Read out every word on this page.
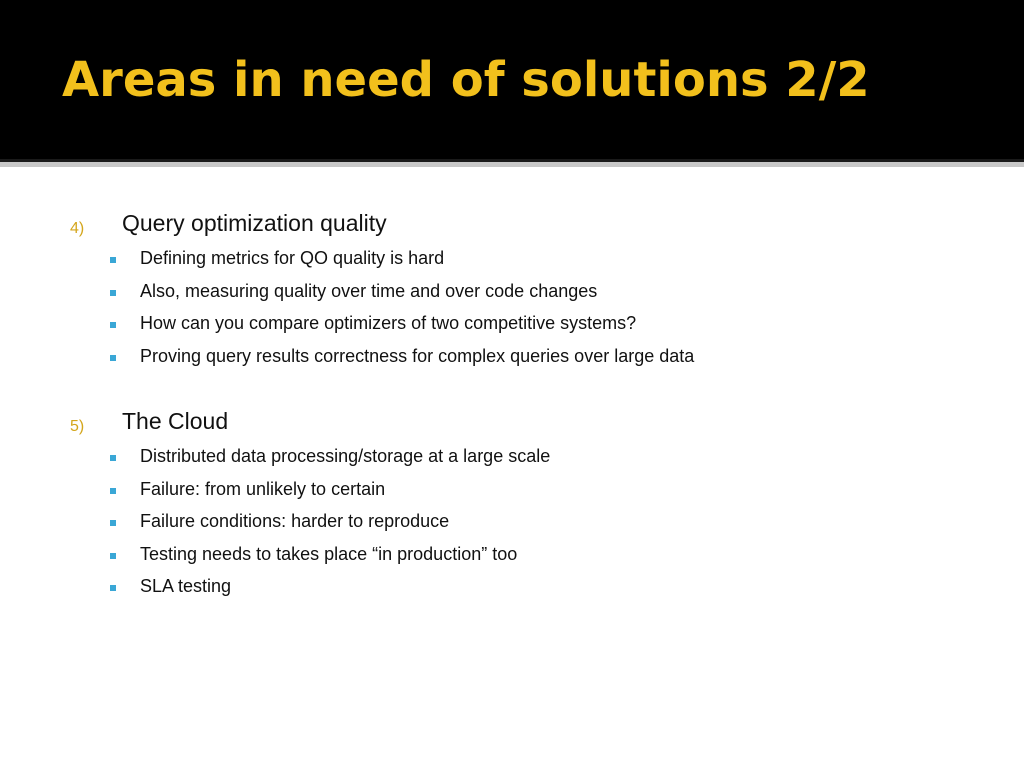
Areas in need of solutions 2/2
4) Query optimization quality
Defining metrics for QO quality is hard
Also, measuring quality over time and over code changes
How can you compare optimizers of two competitive systems?
Proving query results correctness for complex queries over large data
5) The Cloud
Distributed data processing/storage at a large scale
Failure: from unlikely to certain
Failure conditions: harder to reproduce
Testing needs to takes place “in production” too
SLA testing
